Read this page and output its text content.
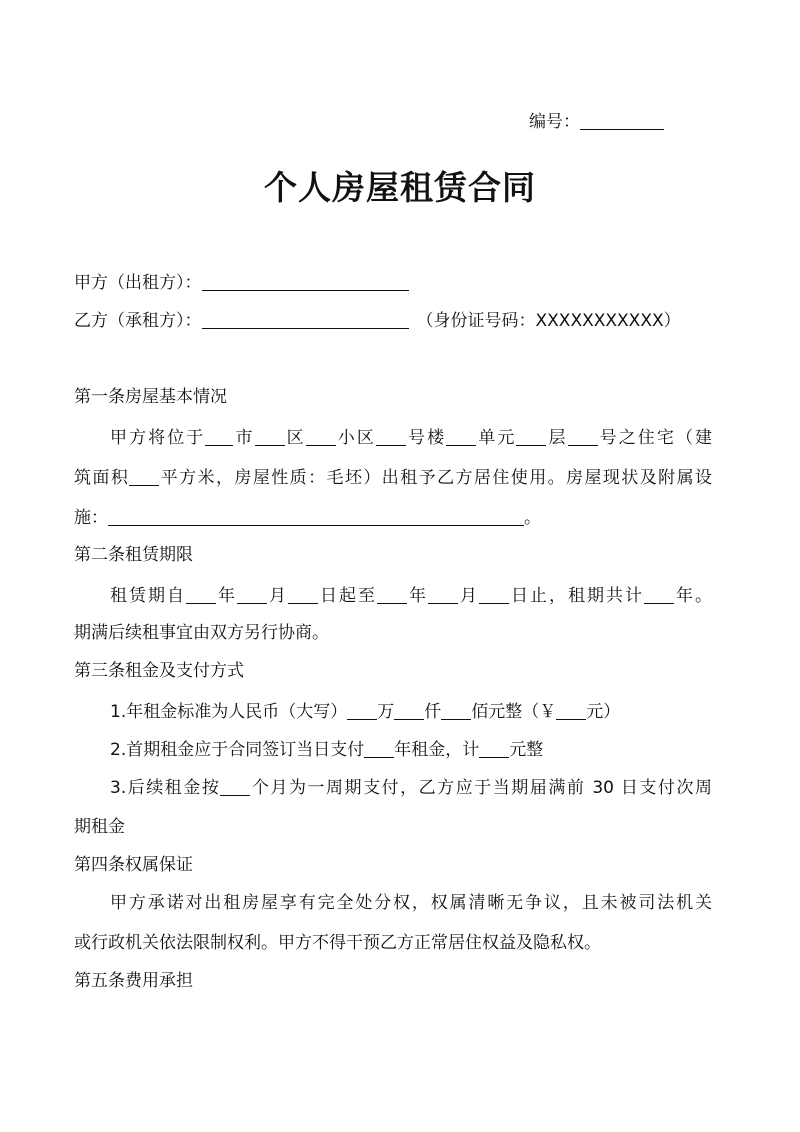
编号：
个人房屋租赁合同
甲方（出租方）：
乙方（承租方）：	（身份证号码：XXXXXXXXXXX）
第一条房屋基本情况
甲方将位于 市 区 小区 号楼 单元 层 号之住宅（建
筑面积 平方米，房屋性质：毛坯）出租予乙方居住使用。房屋现状及附属设
施：	。
第二条租赁期限
租赁期自 年 月 日起至 年 月 日止，租期共计 年。
期满后续租事宜由双方另行协商。
第三条租金及支付方式
1.年租金标准为人民币（大写） 万 仟 佰元整（￥ 元）
2.首期租金应于合同签订当日支付 年租金，计 元整
3.后续租金按 个月为一周期支付，乙方应于当期届满前 30 日支付次周
期租金
第四条权属保证
甲方承诺对出租房屋享有完全处分权，权属清晰无争议，且未被司法机关
或行政机关依法限制权利。甲方不得干预乙方正常居住权益及隐私权。
第五条费用承担
